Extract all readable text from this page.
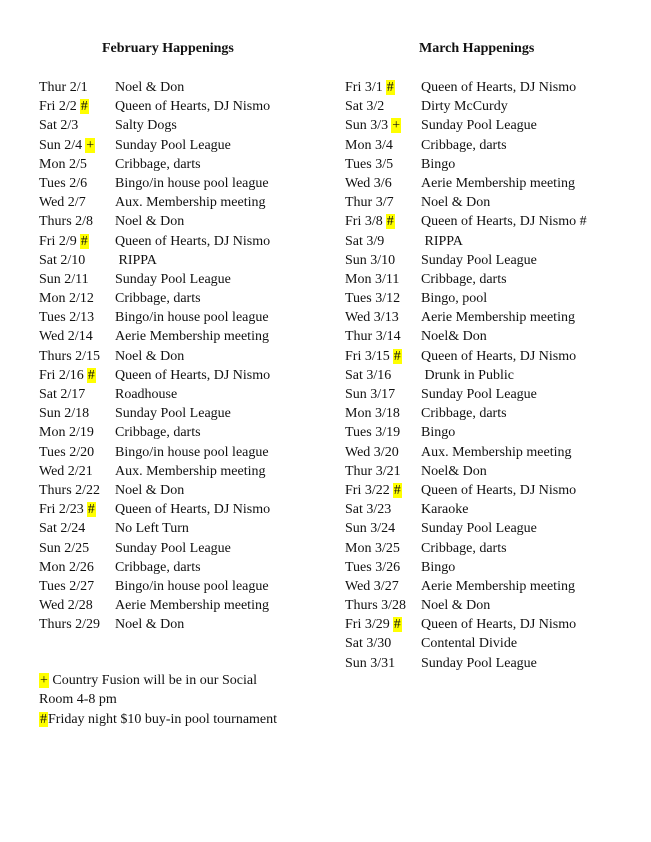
February Happenings
Thur 2/1 Noel & Don
Fri 2/2 # Queen of Hearts, DJ Nismo
Sat 2/3	Salty Dogs
Sun 2/4 + Sunday Pool League
Mon 2/5 Cribbage, darts
Tues 2/6 Bingo/in house pool league
Wed 2/7 Aux. Membership meeting
Thurs 2/8 Noel & Don
Fri 2/9 # Queen of Hearts, DJ Nismo
Sat 2/10 RIPPA
Sun 2/11 Sunday Pool League
Mon 2/12 Cribbage, darts
Tues 2/13 Bingo/in house pool league
Wed 2/14 Aerie Membership meeting
Thurs 2/15 Noel & Don
Fri 2/16 # Queen of Hearts, DJ Nismo
Sat 2/17 Roadhouse
Sun 2/18 Sunday Pool League
Mon 2/19 Cribbage, darts
Tues 2/20 Bingo/in house pool league
Wed 2/21 Aux. Membership meeting
Thurs 2/22 Noel & Don
Fri 2/23 # Queen of Hearts, DJ Nismo
Sat 2/24 No Left Turn
Sun 2/25 Sunday Pool League
Mon 2/26 Cribbage, darts
Tues 2/27 Bingo/in house pool league
Wed 2/28 Aerie Membership meeting
Thurs 2/29 Noel & Don
March Happenings
Fri 3/1 # Queen of Hearts, DJ Nismo
Sat 3/2	Dirty McCurdy
Sun 3/3 + Sunday Pool League
Mon 3/4 Cribbage, darts
Tues 3/5 Bingo
Wed 3/6 Aerie Membership meeting
Thur 3/7 Noel & Don
Fri 3/8 # Queen of Hearts, DJ Nismo #
Sat 3/9	RIPPA
Sun 3/10 Sunday Pool League
Mon 3/11 Cribbage, darts
Tues 3/12 Bingo, pool
Wed 3/13 Aerie Membership meeting
Thur 3/14 Noel& Don
Fri 3/15 # Queen of Hearts, DJ Nismo
Sat 3/16 Drunk in Public
Sun 3/17 Sunday Pool League
Mon 3/18 Cribbage, darts
Tues 3/19 Bingo
Wed 3/20 Aux. Membership meeting
Thur 3/21 Noel& Don
Fri 3/22 # Queen of Hearts, DJ Nismo
Sat 3/23 Karaoke
Sun 3/24 Sunday Pool League
Mon 3/25 Cribbage, darts
Tues 3/26 Bingo
Wed 3/27 Aerie Membership meeting
Thurs 3/28 Noel & Don
Fri 3/29 # Queen of Hearts, DJ Nismo
Sat 3/30 Contental Divide
Sun 3/31 Sunday Pool League
+ Country Fusion will be in our Social
Room 4-8 pm
#Friday night $10 buy-in pool tournament
